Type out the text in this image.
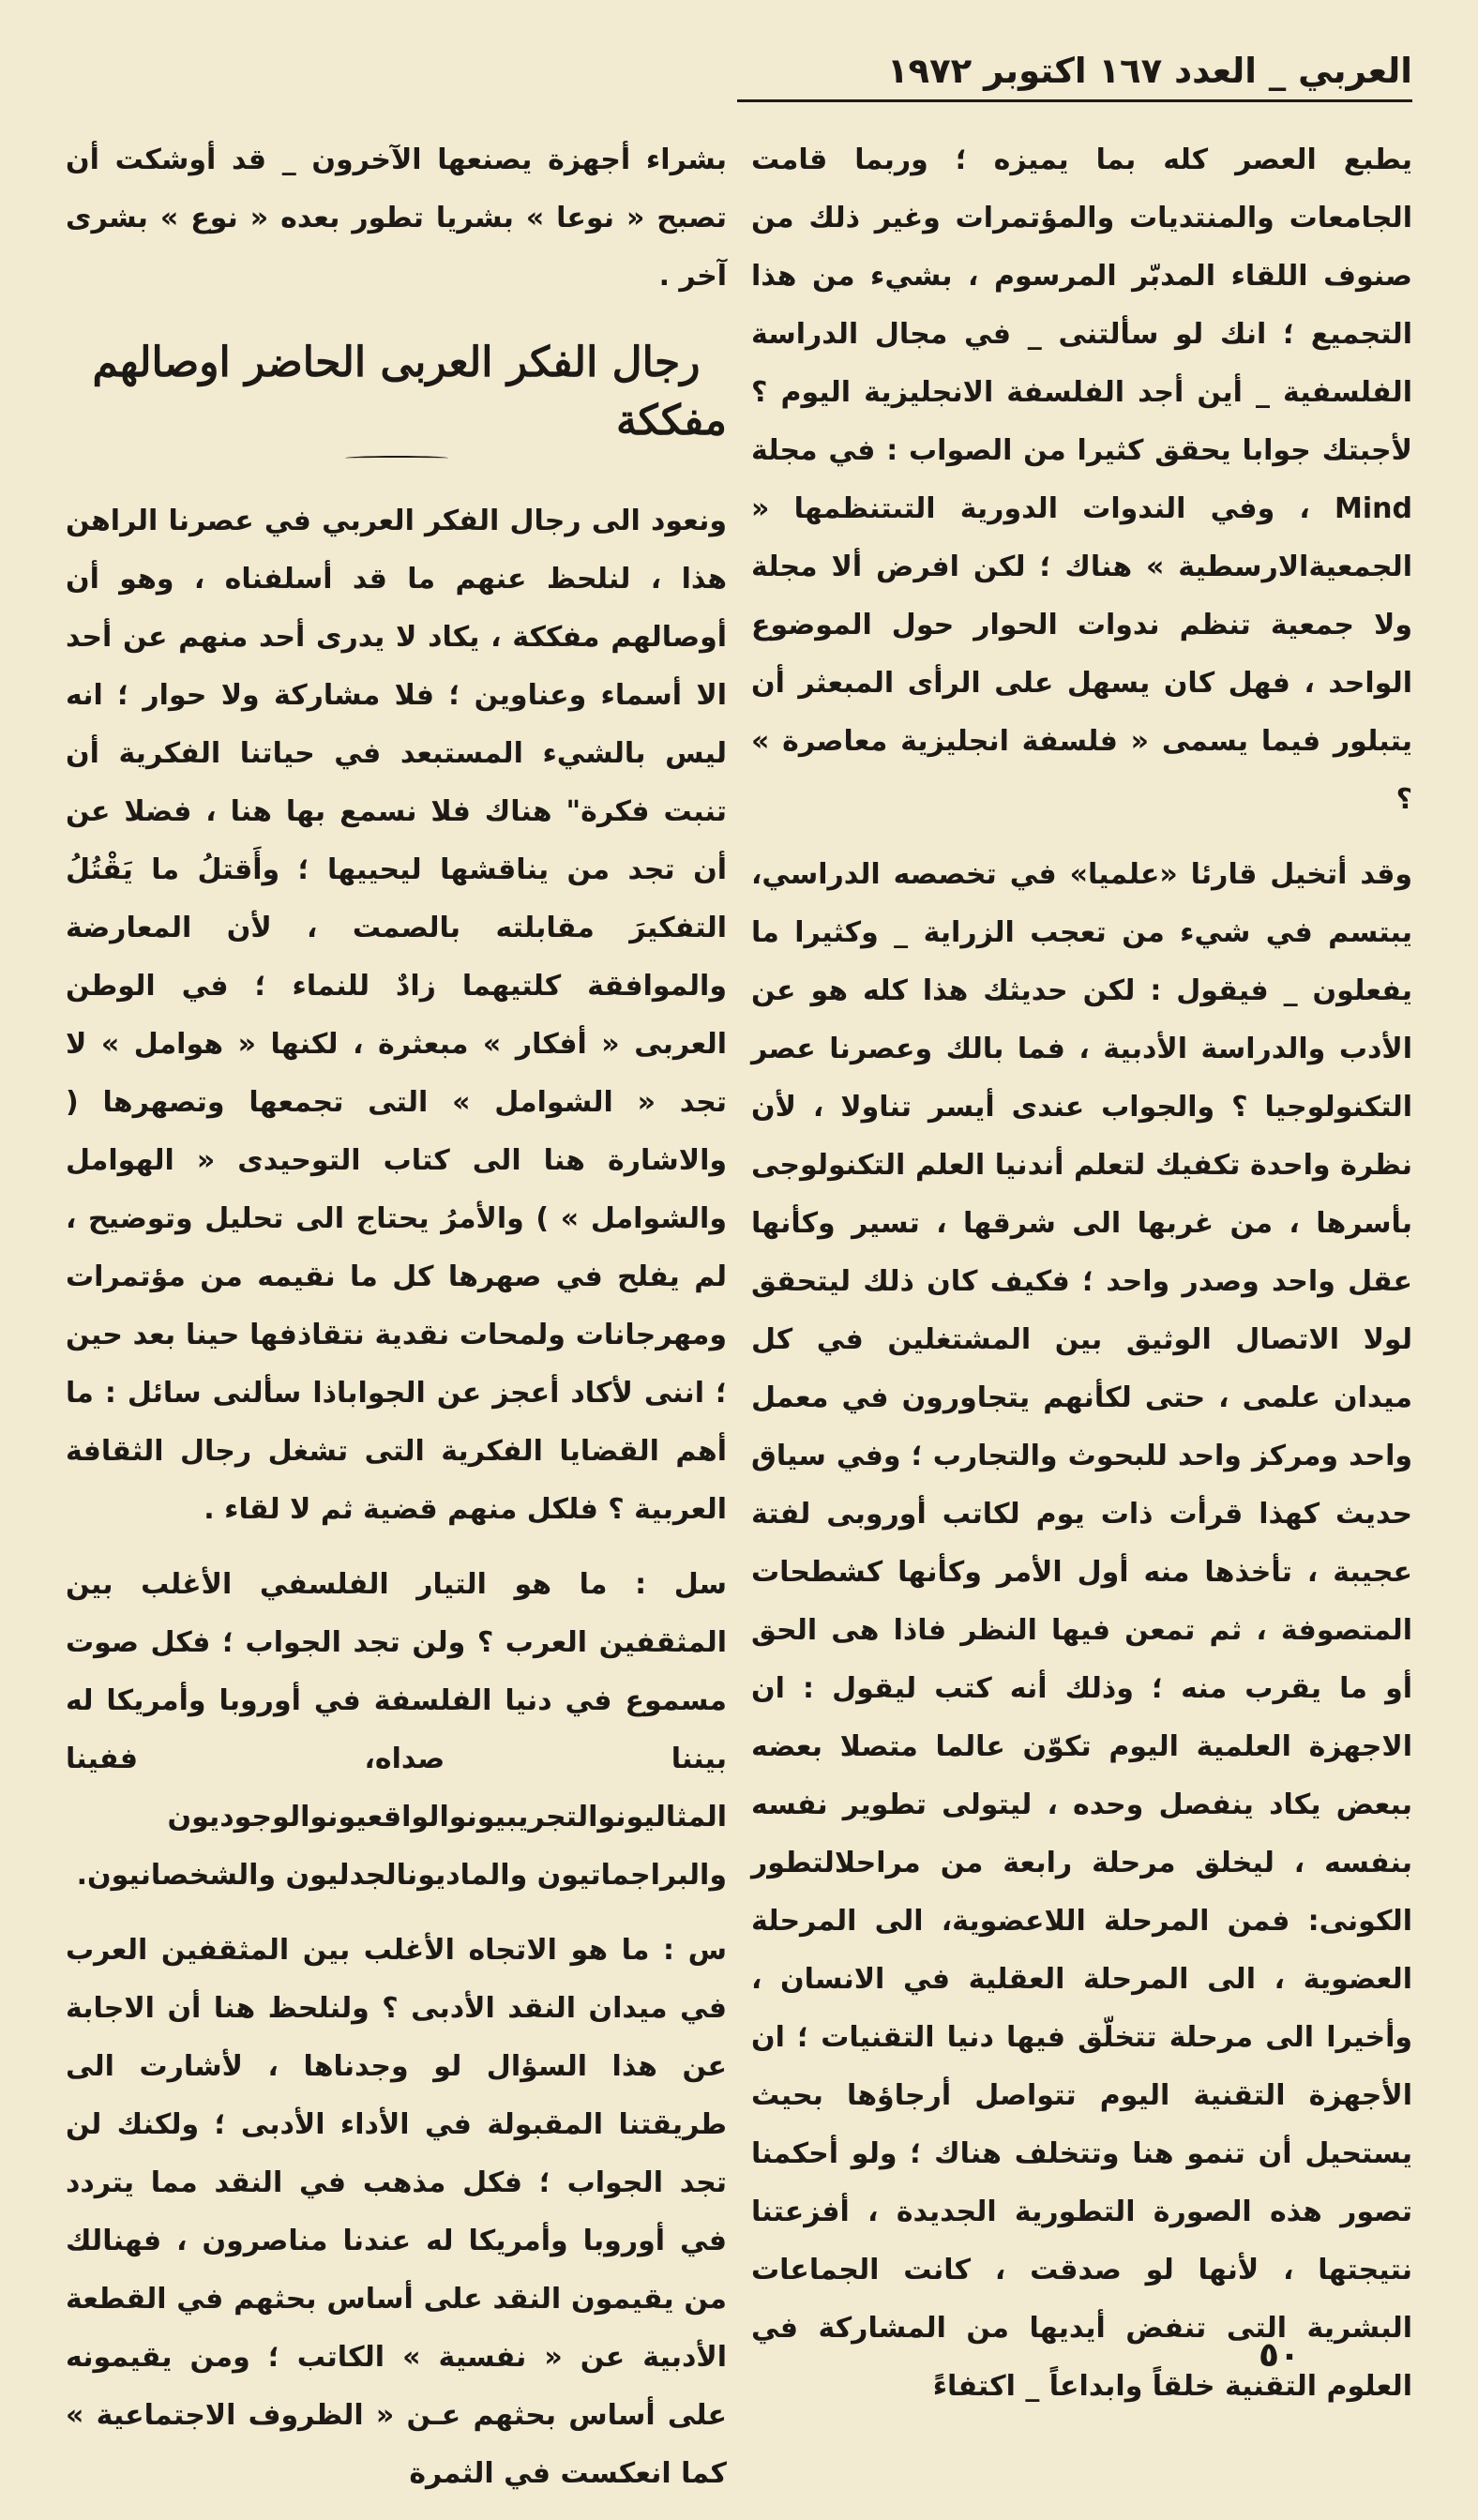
العربي _ العدد ١٦٧ اكتوبر ١٩٧٢

يطبع العصر كله بما يميزه ؛ وربما قامت الجامعات والمنتديات والمؤتمرات وغير ذلك من صنوف اللقاء المدبّر المرسوم ، بشيء من هذا التجميع ؛ انك لو سألتنى _ في مجال الدراسة الفلسفية _ أين أجد الفلسفة الانجليزية اليوم ؟ لأجبتك جوابا يحقق كثيرا من الصواب : في مجلة Mind ، وفي الندوات الدورية التىتنظمها « الجمعيةالارسطية » هناك ؛ لكن افرض ألا مجلة ولا جمعية تنظم ندوات الحوار حول الموضوع الواحد ، فهل كان يسهل على الرأى المبعثر أن يتبلور فيما يسمى « فلسفة انجليزية معاصرة » ؟

وقد أتخيل قارئا «علميا» في تخصصه الدراسي، يبتسم في شيء من تعجب الزراية _ وكثيرا ما يفعلون _ فيقول : لكن حديثك هذا كله هو عن الأدب والدراسة الأدبية ، فما بالك وعصرنا عصر التكنولوجيا ؟ والجواب عندى أيسر تناولا ، لأن نظرة واحدة تكفيك لتعلم أندنيا العلم التكنولوجى بأسرها ، من غربها الى شرقها ، تسير وكأنها عقل واحد وصدر واحد ؛ فكيف كان ذلك ليتحقق لولا الاتصال الوثيق بين المشتغلين في كل ميدان علمى ، حتى لكأنهم يتجاورون في معمل واحد ومركز واحد للبحوث والتجارب ؛ وفي سياق حديث كهذا قرأت ذات يوم لكاتب أوروبى لفتة عجيبة ، تأخذها منه أول الأمر وكأنها كشطحات المتصوفة ، ثم تمعن فيها النظر فاذا هى الحق أو ما يقرب منه ؛ وذلك أنه كتب ليقول : ان الاجهزة العلمية اليوم تكوّن عالما متصلا بعضه ببعض يكاد ينفصل وحده ، ليتولى تطوير نفسه بنفسه ، ليخلق مرحلة رابعة من مراحلالتطور الكونى: فمن المرحلة اللاعضوية، الى المرحلة العضوية ، الى المرحلة العقلية في الانسان ، وأخيرا الى مرحلة تتخلّق فيها دنيا التقنيات ؛ ان الأجهزة التقنية اليوم تتواصل أرجاؤها بحيث يستحيل أن تنمو هنا وتتخلف هناك ؛ ولو أحكمنا تصور هذه الصورة التطورية الجديدة ، أفزعتنا نتيجتها ، لأنها لو صدقت ، كانت الجماعات البشرية التى تنفض أيديها من المشاركة في العلوم التقنية خلقاً وابداعاً _ اكتفاءً

بشراء أجهزة يصنعها الآخرون _ قد أوشكت أن تصبح « نوعا » بشريا تطور بعده « نوع » بشرى آخر .

رجال الفكر العربى الحاضر اوصالهم مفككة

ونعود الى رجال الفكر العربي في عصرنا الراهن هذا ، لنلحظ عنهم ما قد أسلفناه ، وهو أن أوصالهم مفككة ، يكاد لا يدرى أحد منهم عن أحد الا أسماء وعناوين ؛ فلا مشاركة ولا حوار ؛ انه ليس بالشيء المستبعد في حياتنا الفكرية أن تنبت فكرة" هناك فلا نسمع بها هنا ، فضلا عن أن تجد من يناقشها ليحييها ؛ وأَقتلُ ما يَقْتُلُ التفكيرَ مقابلته بالصمت ، لأن المعارضة والموافقة كلتيهما زادٌ للنماء ؛ في الوطن العربى « أفكار » مبعثرة ، لكنها « هوامل » لا تجد « الشوامل » التى تجمعها وتصهرها ( والاشارة هنا الى كتاب التوحيدى « الهوامل والشوامل » ) والأمرُ يحتاج الى تحليل وتوضيح ، لم يفلح في صهرها كل ما نقيمه من مؤتمرات ومهرجانات ولمحات نقدية نتقاذفها حينا بعد حين ؛ اننى لأكاد أعجز عن الجواباذا سألنى سائل : ما أهم القضايا الفكرية التى تشغل رجال الثقافة العربية ؟ فلكل منهم قضية ثم لا لقاء .

سل : ما هو التيار الفلسفي الأغلب بين المثقفين العرب ؟ ولن تجد الجواب ؛ فكل صوت مسموع في دنيا الفلسفة في أوروبا وأمريكا له بيننا صداه، ففينا المثاليونوالتجريبيونوالواقعيونوالوجوديون والبراجماتيون والماديونالجدليون والشخصانيون.

س : ما هو الاتجاه الأغلب بين المثقفين العرب في ميدان النقد الأدبى ؟ ولنلحظ هنا أن الاجابة عن هذا السؤال لو وجدناها ، لأشارت الى طريقتنا المقبولة في الأداء الأدبى ؛ ولكنك لن تجد الجواب ؛ فكل مذهب في النقد مما يتردد في أوروبا وأمريكا له عندنا مناصرون ، فهنالك من يقيمون النقد على أساس بحثهم في القطعة الأدبية عن « نفسية » الكاتب ؛ ومن يقيمونه على أساس بحثهم عـن « الظروف الاجتماعية » كما انعكست في الثمرة

٥٠
